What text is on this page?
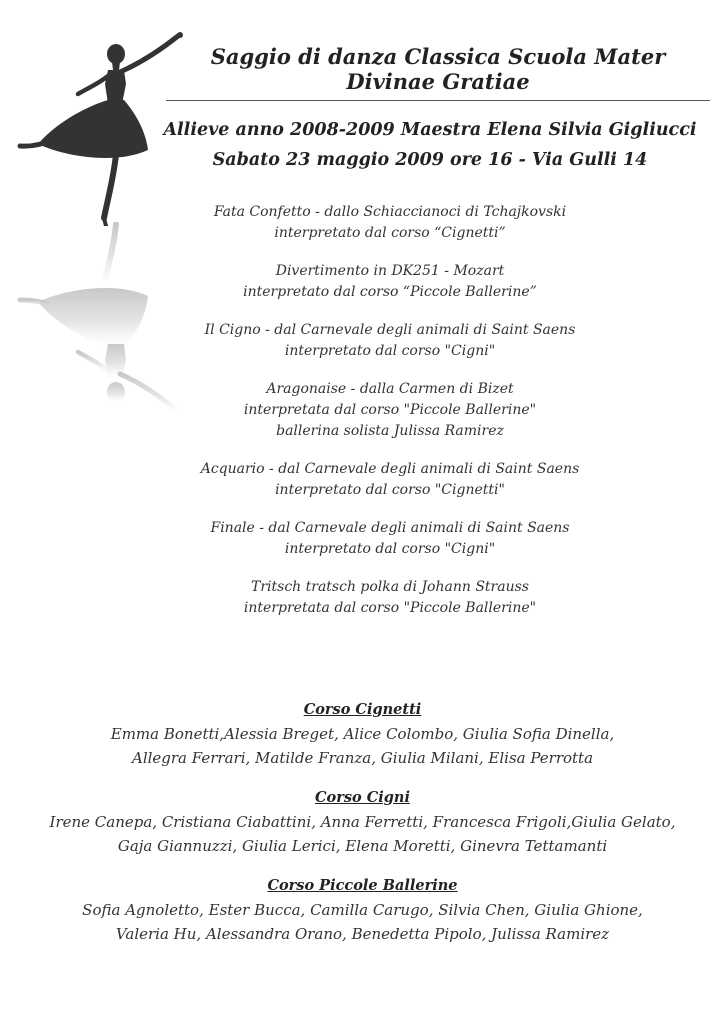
Saggio di danza Classica Scuola Mater Divinae Gratiae
Allieve anno 2008-2009 Maestra Elena Silvia Gigliucci
Sabato 23 maggio 2009 ore 16 - Via Gulli 14
Fata Confetto - dallo Schiaccianoci di Tchajkovski
interpretato dal corso “Cignetti”
Divertimento in DK251 - Mozart
interpretato dal corso “Piccole Ballerine”
Il Cigno - dal Carnevale degli animali di Saint Saens
interpretato dal corso "Cigni"
Aragonaise - dalla Carmen di Bizet
interpretata dal corso "Piccole Ballerine"
ballerina solista Julissa Ramirez
Acquario - dal Carnevale degli animali di Saint Saens
interpretato dal corso "Cignetti"
Finale - dal Carnevale degli animali di Saint Saens
interpretato dal corso "Cigni"
Tritsch tratsch polka di Johann Strauss
interpretata dal corso "Piccole Ballerine"
Corso Cignetti
Emma Bonetti,Alessia Breget, Alice Colombo, Giulia Sofia Dinella,
Allegra Ferrari, Matilde Franza, Giulia Milani, Elisa Perrotta
Corso Cigni
Irene Canepa, Cristiana Ciabattini, Anna Ferretti, Francesca Frigoli,Giulia Gelato,
Gaja Giannuzzi, Giulia Lerici, Elena Moretti, Ginevra Tettamanti
Corso Piccole Ballerine
Sofia Agnoletto, Ester Bucca, Camilla Carugo, Silvia Chen, Giulia Ghione,
Valeria Hu, Alessandra Orano, Benedetta Pipolo, Julissa Ramirez
